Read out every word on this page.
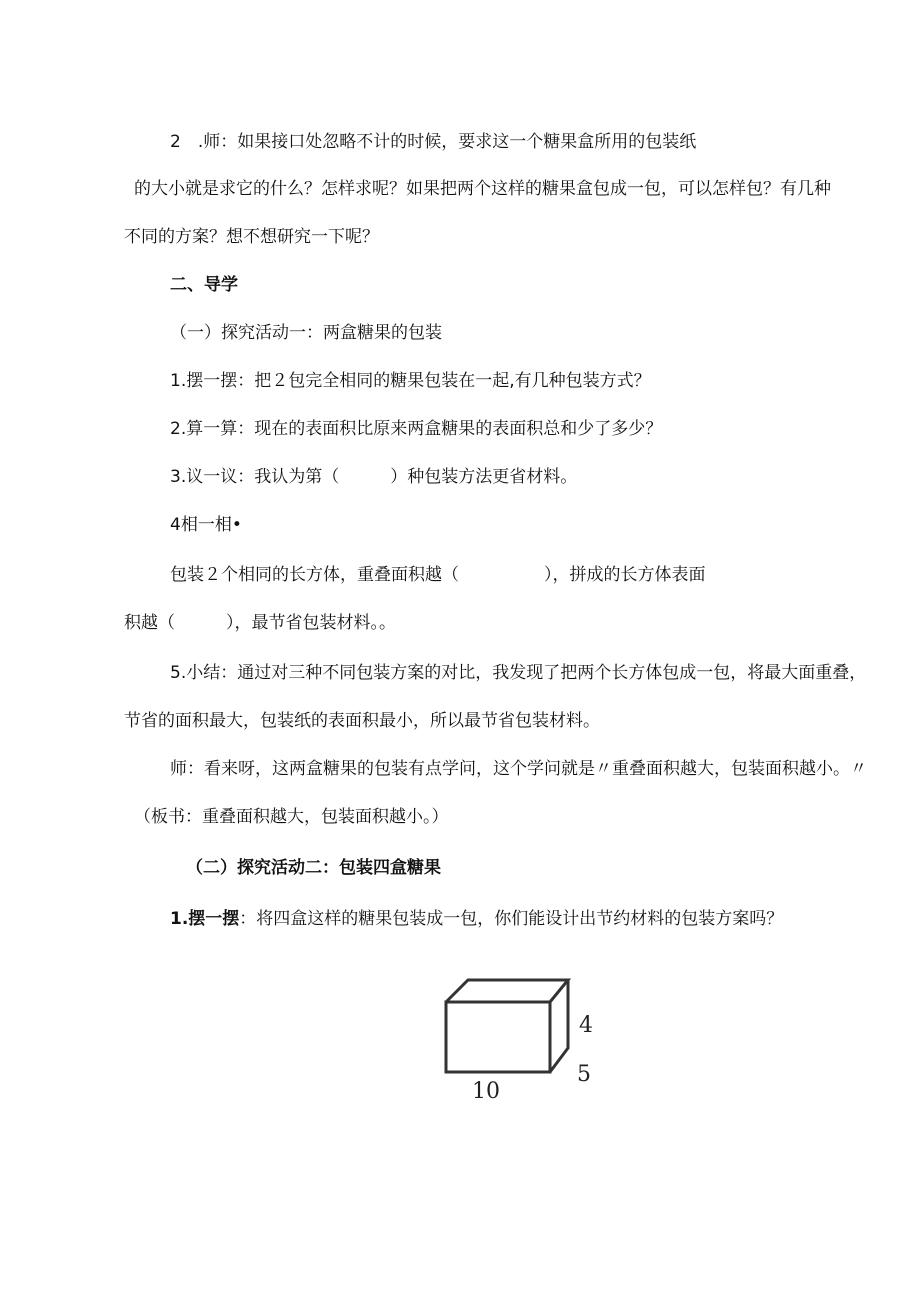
2　.师：如果接口处忽略不计的时候，要求这一个糖果盒所用的包装纸
的大小就是求它的什么？怎样求呢？如果把两个这样的糖果盒包成一包，可以怎样包？有几种
不同的方案？想不想研究一下呢？
二、导学
（一）探究活动一：两盒糖果的包装
1.摆一摆：把２包完全相同的糖果包装在一起,有几种包装方式？
2.算一算：现在的表面积比原来两盒糖果的表面积总和少了多少？
3.议一议：我认为第（　　　）种包装方法更省材料。
4相一相•
包装２个相同的长方体，重叠面积越（　　　　　），拼成的长方体表面
积越（　　　），最节省包装材料。。
5.小结：通过对三种不同包装方案的对比，我发现了把两个长方体包成一包，将最大面重叠，
节省的面积最大，包装纸的表面积最小，所以最节省包装材料。
师：看来呀，这两盒糖果的包装有点学问，这个学问就是〃重叠面积越大，包装面积越小。〃
（板书：重叠面积越大，包装面积越小。）
（二）探究活动二：包装四盒糖果
1.摆一摆：将四盒这样的糖果包装成一包，你们能设计出节约材料的包装方案吗？
10
4
5
